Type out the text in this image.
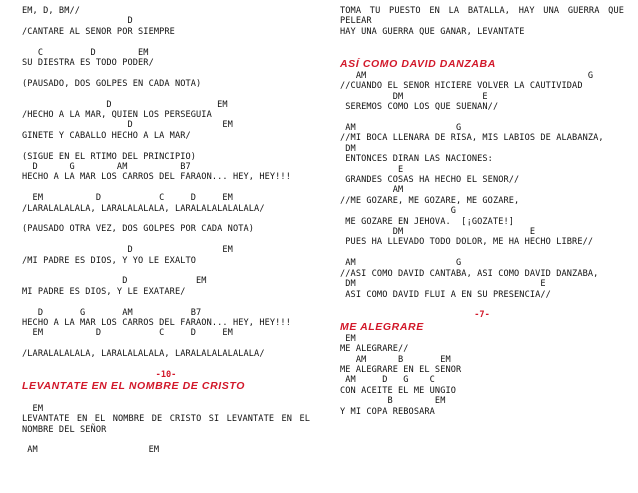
EM, D, BM//
D
/CANTARE AL SEÑOR POR SIEMPRE
C         D        EM
SU DIESTRA ES TODO PODER/
(PAUSADO, DOS GOLPES EN CADA NOTA)
D                    EM
/HECHO A LA MAR, QUIEN LOS PERSEGUIA
D                 EM
GINETE Y CABALLO HECHO A LA MAR/
(SIGUE EN EL RTIMO DEL PRINCIPIO)
D      G        AM          B7
HECHO A LA MAR LOS CARROS DEL FARAON... HEY, HEY!!!
EM          D           C     D     EM
/LARALALALALA, LARALALALALA, LARALALALALALALA/
(PAUSADO OTRA VEZ, DOS GOLPES POR CADA NOTA)
D                 EM
/MI PADRE ES DIOS, Y YO LE EXALTO
D             EM
MI PADRE ES DIOS, Y LE EXATARE/
D       G       AM           B7
HECHO A LA MAR LOS CARROS DEL FARAON... HEY, HEY!!!
EM          D           C     D     EM
/LARALALALALA, LARALALALALA, LARALALALALALALA/
-10-
LEVANTATE EN EL NOMBRE DE CRISTO
EM
LEVÁNTATE EN EL NOMBRE DE CRISTO SI LEVÁNTATE EN EL NOMBRE DEL SEÑOR
AM                     EM
TOMA TU PUESTO EN LA BATALLA, HAY UNA GUERRA QUE PELEAR
HAY UNA GUERRA QUE GANAR, LEVÁNTATE
ASÍ COMO DAVID DANZABA
AM                                          G
//CUANDO EL SEÑOR HICIERE VOLVER LA CAUTIVIDAD
DM               E
SEREMOS COMO LOS QUE SUEÑAN//
AM                   G
//MI BOCA LLENARÁ DE RISA, MIS LABIOS DE ALABANZA,
DM
ENTONCES DIRÁN LAS NACIONES:
E
GRANDES COSAS HA HECHO EL SEÑOR//
AM
//ME GOZARÉ, ME GOZARÉ, ME GOZARÉ,
G
ME GOZARÉ EN JEHOVÁ.  [¡GÓZATE!]
DM                        E
PUES HA LLEVADO TODO DOLOR, ME HA HECHO LIBRE//
AM                   G
//ASÍ COMO DAVID CANTABA, ASÍ COMO DAVID DANZABA,
DM                                   E
ASÍ COMO DAVID FLUÍ A EN SU PRESENCIA//
-7-
ME ALEGRARE
EM
ME ALEGRARE//
AM      B       EM
ME ALEGRARE EN EL SEÑOR
AM     D   G    C
CON ACEITE EL ME UNGIÓ
B        EM
Y MI COPA REBOSARA
